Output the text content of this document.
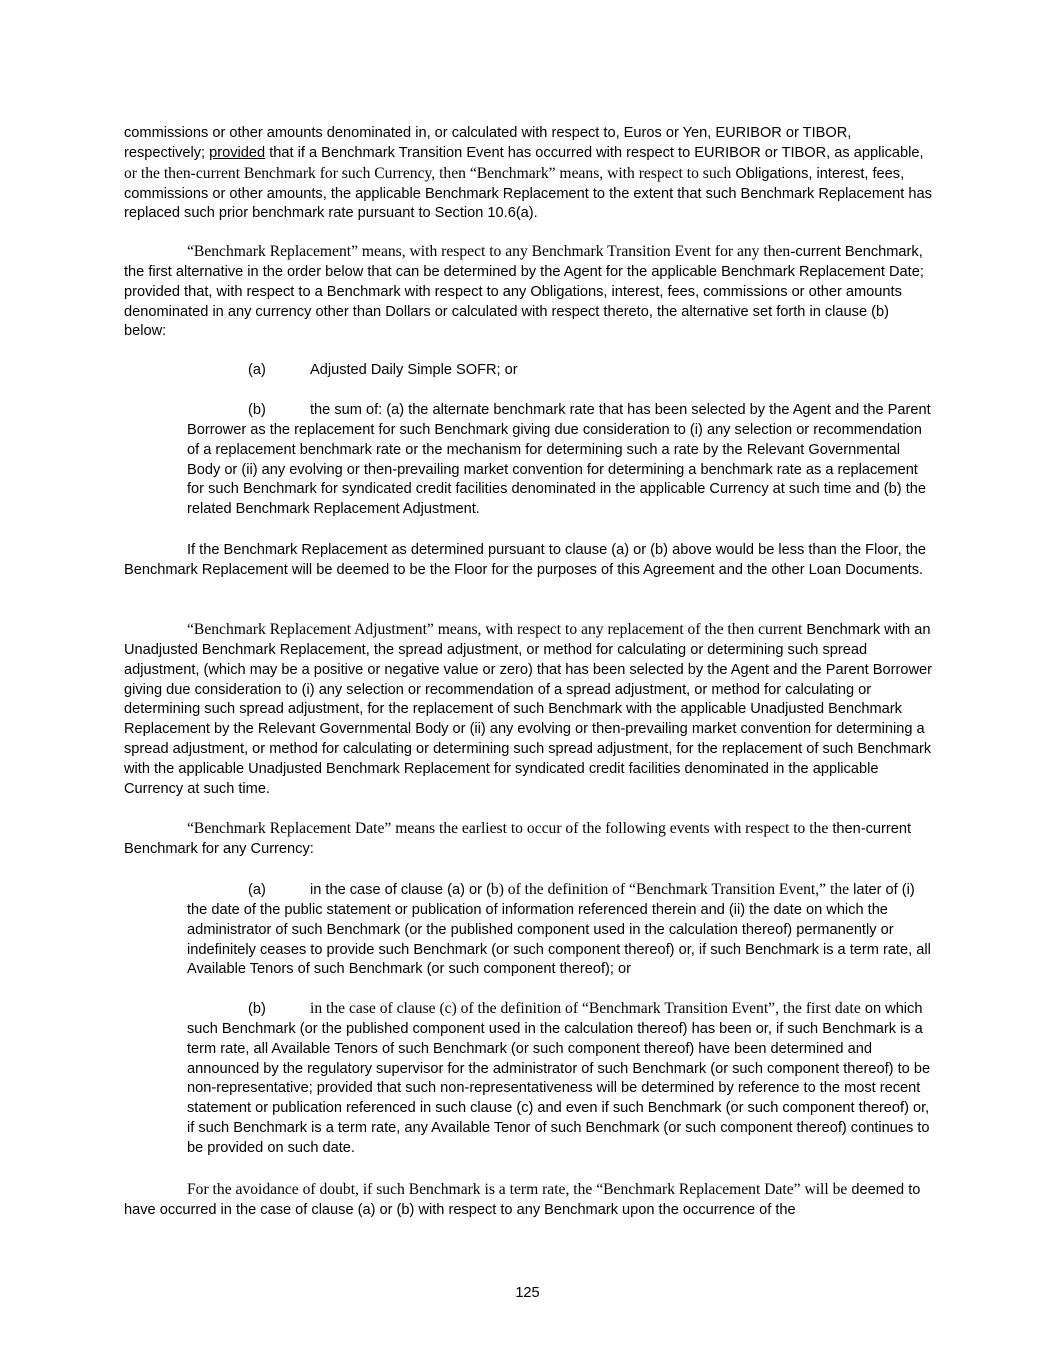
commissions or other amounts denominated in, or calculated with respect to, Euros or Yen, EURIBOR or TIBOR, respectively; provided that if a Benchmark Transition Event has occurred with respect to EURIBOR or TIBOR, as applicable, or the then-current Benchmark for such Currency, then “Benchmark” means, with respect to such Obligations, interest, fees, commissions or other amounts, the applicable Benchmark Replacement to the extent that such Benchmark Replacement has replaced such prior benchmark rate pursuant to Section 10.6(a).

“Benchmark Replacement” means, with respect to any Benchmark Transition Event for any then-current Benchmark, the first alternative in the order below that can be determined by the Agent for the applicable Benchmark Replacement Date; provided that, with respect to a Benchmark with respect to any Obligations, interest, fees, commissions or other amounts denominated in any currency other than Dollars or calculated with respect thereto, the alternative set forth in clause (b) below:

(a)	Adjusted Daily Simple SOFR; or

(b)	the sum of: (a) the alternate benchmark rate that has been selected by the Agent and the Parent Borrower as the replacement for such Benchmark giving due consideration to (i) any selection or recommendation of a replacement benchmark rate or the mechanism for determining such a rate by the Relevant Governmental Body or (ii) any evolving or then-prevailing market convention for determining a benchmark rate as a replacement for such Benchmark for syndicated credit facilities denominated in the applicable Currency at such time and (b) the related Benchmark Replacement Adjustment.

If the Benchmark Replacement as determined pursuant to clause (a) or (b) above would be less than the Floor, the Benchmark Replacement will be deemed to be the Floor for the purposes of this Agreement and the other Loan Documents.

“Benchmark Replacement Adjustment” means, with respect to any replacement of the then current Benchmark with an Unadjusted Benchmark Replacement, the spread adjustment, or method for calculating or determining such spread adjustment, (which may be a positive or negative value or zero) that has been selected by the Agent and the Parent Borrower giving due consideration to (i) any selection or recommendation of a spread adjustment, or method for calculating or determining such spread adjustment, for the replacement of such Benchmark with the applicable Unadjusted Benchmark Replacement by the Relevant Governmental Body or (ii) any evolving or then-prevailing market convention for determining a spread adjustment, or method for calculating or determining such spread adjustment, for the replacement of such Benchmark with the applicable Unadjusted Benchmark Replacement for syndicated credit facilities denominated in the applicable Currency at such time.

“Benchmark Replacement Date” means the earliest to occur of the following events with respect to the then-current Benchmark for any Currency:

(a)	in the case of clause (a) or (b) of the definition of “Benchmark Transition Event,” the later of (i) the date of the public statement or publication of information referenced therein and (ii) the date on which the administrator of such Benchmark (or the published component used in the calculation thereof) permanently or indefinitely ceases to provide such Benchmark (or such component thereof) or, if such Benchmark is a term rate, all Available Tenors of such Benchmark (or such component thereof); or

(b)	in the case of clause (c) of the definition of “Benchmark Transition Event”, the first date on which such Benchmark (or the published component used in the calculation thereof) has been or, if such Benchmark is a term rate, all Available Tenors of such Benchmark (or such component thereof) have been determined and announced by the regulatory supervisor for the administrator of such Benchmark (or such component thereof) to be non-representative; provided that such non-representativeness will be determined by reference to the most recent statement or publication referenced in such clause (c) and even if such Benchmark (or such component thereof) or, if such Benchmark is a term rate, any Available Tenor of such Benchmark (or such component thereof) continues to be provided on such date.

For the avoidance of doubt, if such Benchmark is a term rate, the “Benchmark Replacement Date” will be deemed to have occurred in the case of clause (a) or (b) with respect to any Benchmark upon the occurrence of the

125
